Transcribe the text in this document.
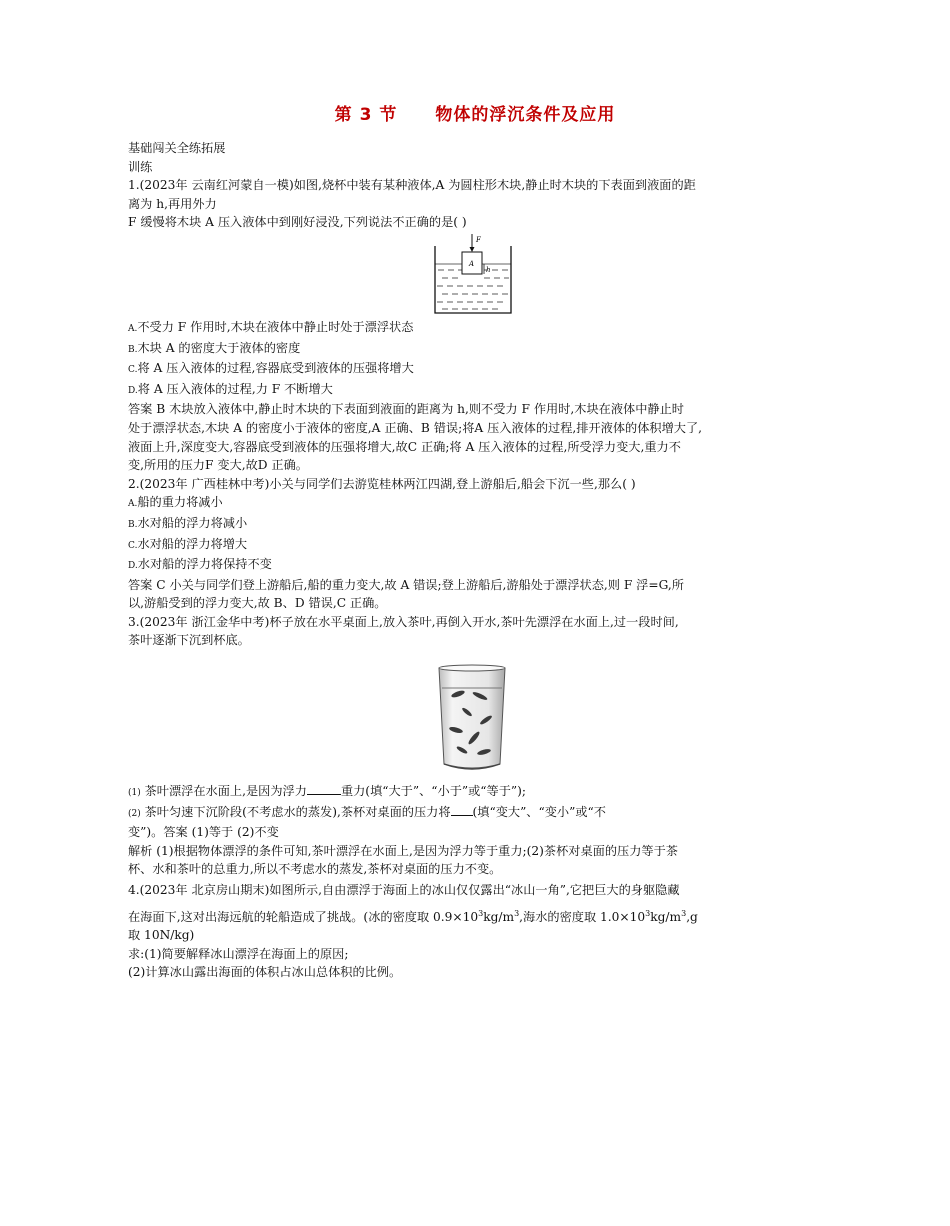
第 3 节 物体的浮沉条件及应用

基础闯关全练拓展

训练

1.(2023年 云南红河蒙自一模)如图,烧杯中装有某种液体,A 为圆柱形木块,静止时木块的下表面到液面的距

离为 h,再用外力

F 缓慢将木块 A 压入液体中到刚好浸没,下列说法不正确的是( )

F
A
h

A.不受力 F 作用时,木块在液体中静止时处于漂浮状态

B.木块 A 的密度大于液体的密度

C.将 A 压入液体的过程,容器底受到液体的压强将增大

D.将 A 压入液体的过程,力 F 不断增大

答案 B 木块放入液体中,静止时木块的下表面到液面的距离为 h,则不受力 F 作用时,木块在液体中静止时

处于漂浮状态,木块 A 的密度小于液体的密度,A 正确、B 错误;将A 压入液体的过程,排开液体的体积增大了,

液面上升,深度变大,容器底受到液体的压强将增大,故C 正确;将 A 压入液体的过程,所受浮力变大,重力不

变,所用的压力F 变大,故D 正确。

2.(2023年 广西桂林中考)小关与同学们去游览桂林两江四湖,登上游船后,船会下沉一些,那么( )

A.船的重力将减小

B.水对船的浮力将减小

C.水对船的浮力将增大

D.水对船的浮力将保持不变

答案 C 小关与同学们登上游船后,船的重力变大,故 A 错误;登上游船后,游船处于漂浮状态,则 F 浮=G,所

以,游船受到的浮力变大,故 B、D 错误,C 正确。

3.(2023年 浙江金华中考)杯子放在水平桌面上,放入茶叶,再倒入开水,茶叶先漂浮在水面上,过一段时间,

茶叶逐渐下沉到杯底。

(1) 茶叶漂浮在水面上,是因为浮力	重力(填“大于”、“小于”或“等于”);

(2) 茶叶匀速下沉阶段(不考虑水的蒸发),茶杯对桌面的压力将 (填“变大”、“变小”或“不

变”)。答案 (1)等于 (2)不变

解析 (1)根据物体漂浮的条件可知,茶叶漂浮在水面上,是因为浮力等于重力;(2)茶杯对桌面的压力等于茶

杯、水和茶叶的总重力,所以不考虑水的蒸发,茶杯对桌面的压力不变。

4.(2023年 北京房山期末)如图所示,自由漂浮于海面上的冰山仅仅露出“冰山一角”,它把巨大的身躯隐藏

在海面下,这对出海远航的轮船造成了挑战。(冰的密度取 $0.9\times 10^3kg/m^3$,海水的密度取 $1.0\times 10^3kg/m^3,g$

取 10N/kg)

求:(1)简要解释冰山漂浮在海面上的原因;

(2)计算冰山露出海面的体积占冰山总体积的比例。
